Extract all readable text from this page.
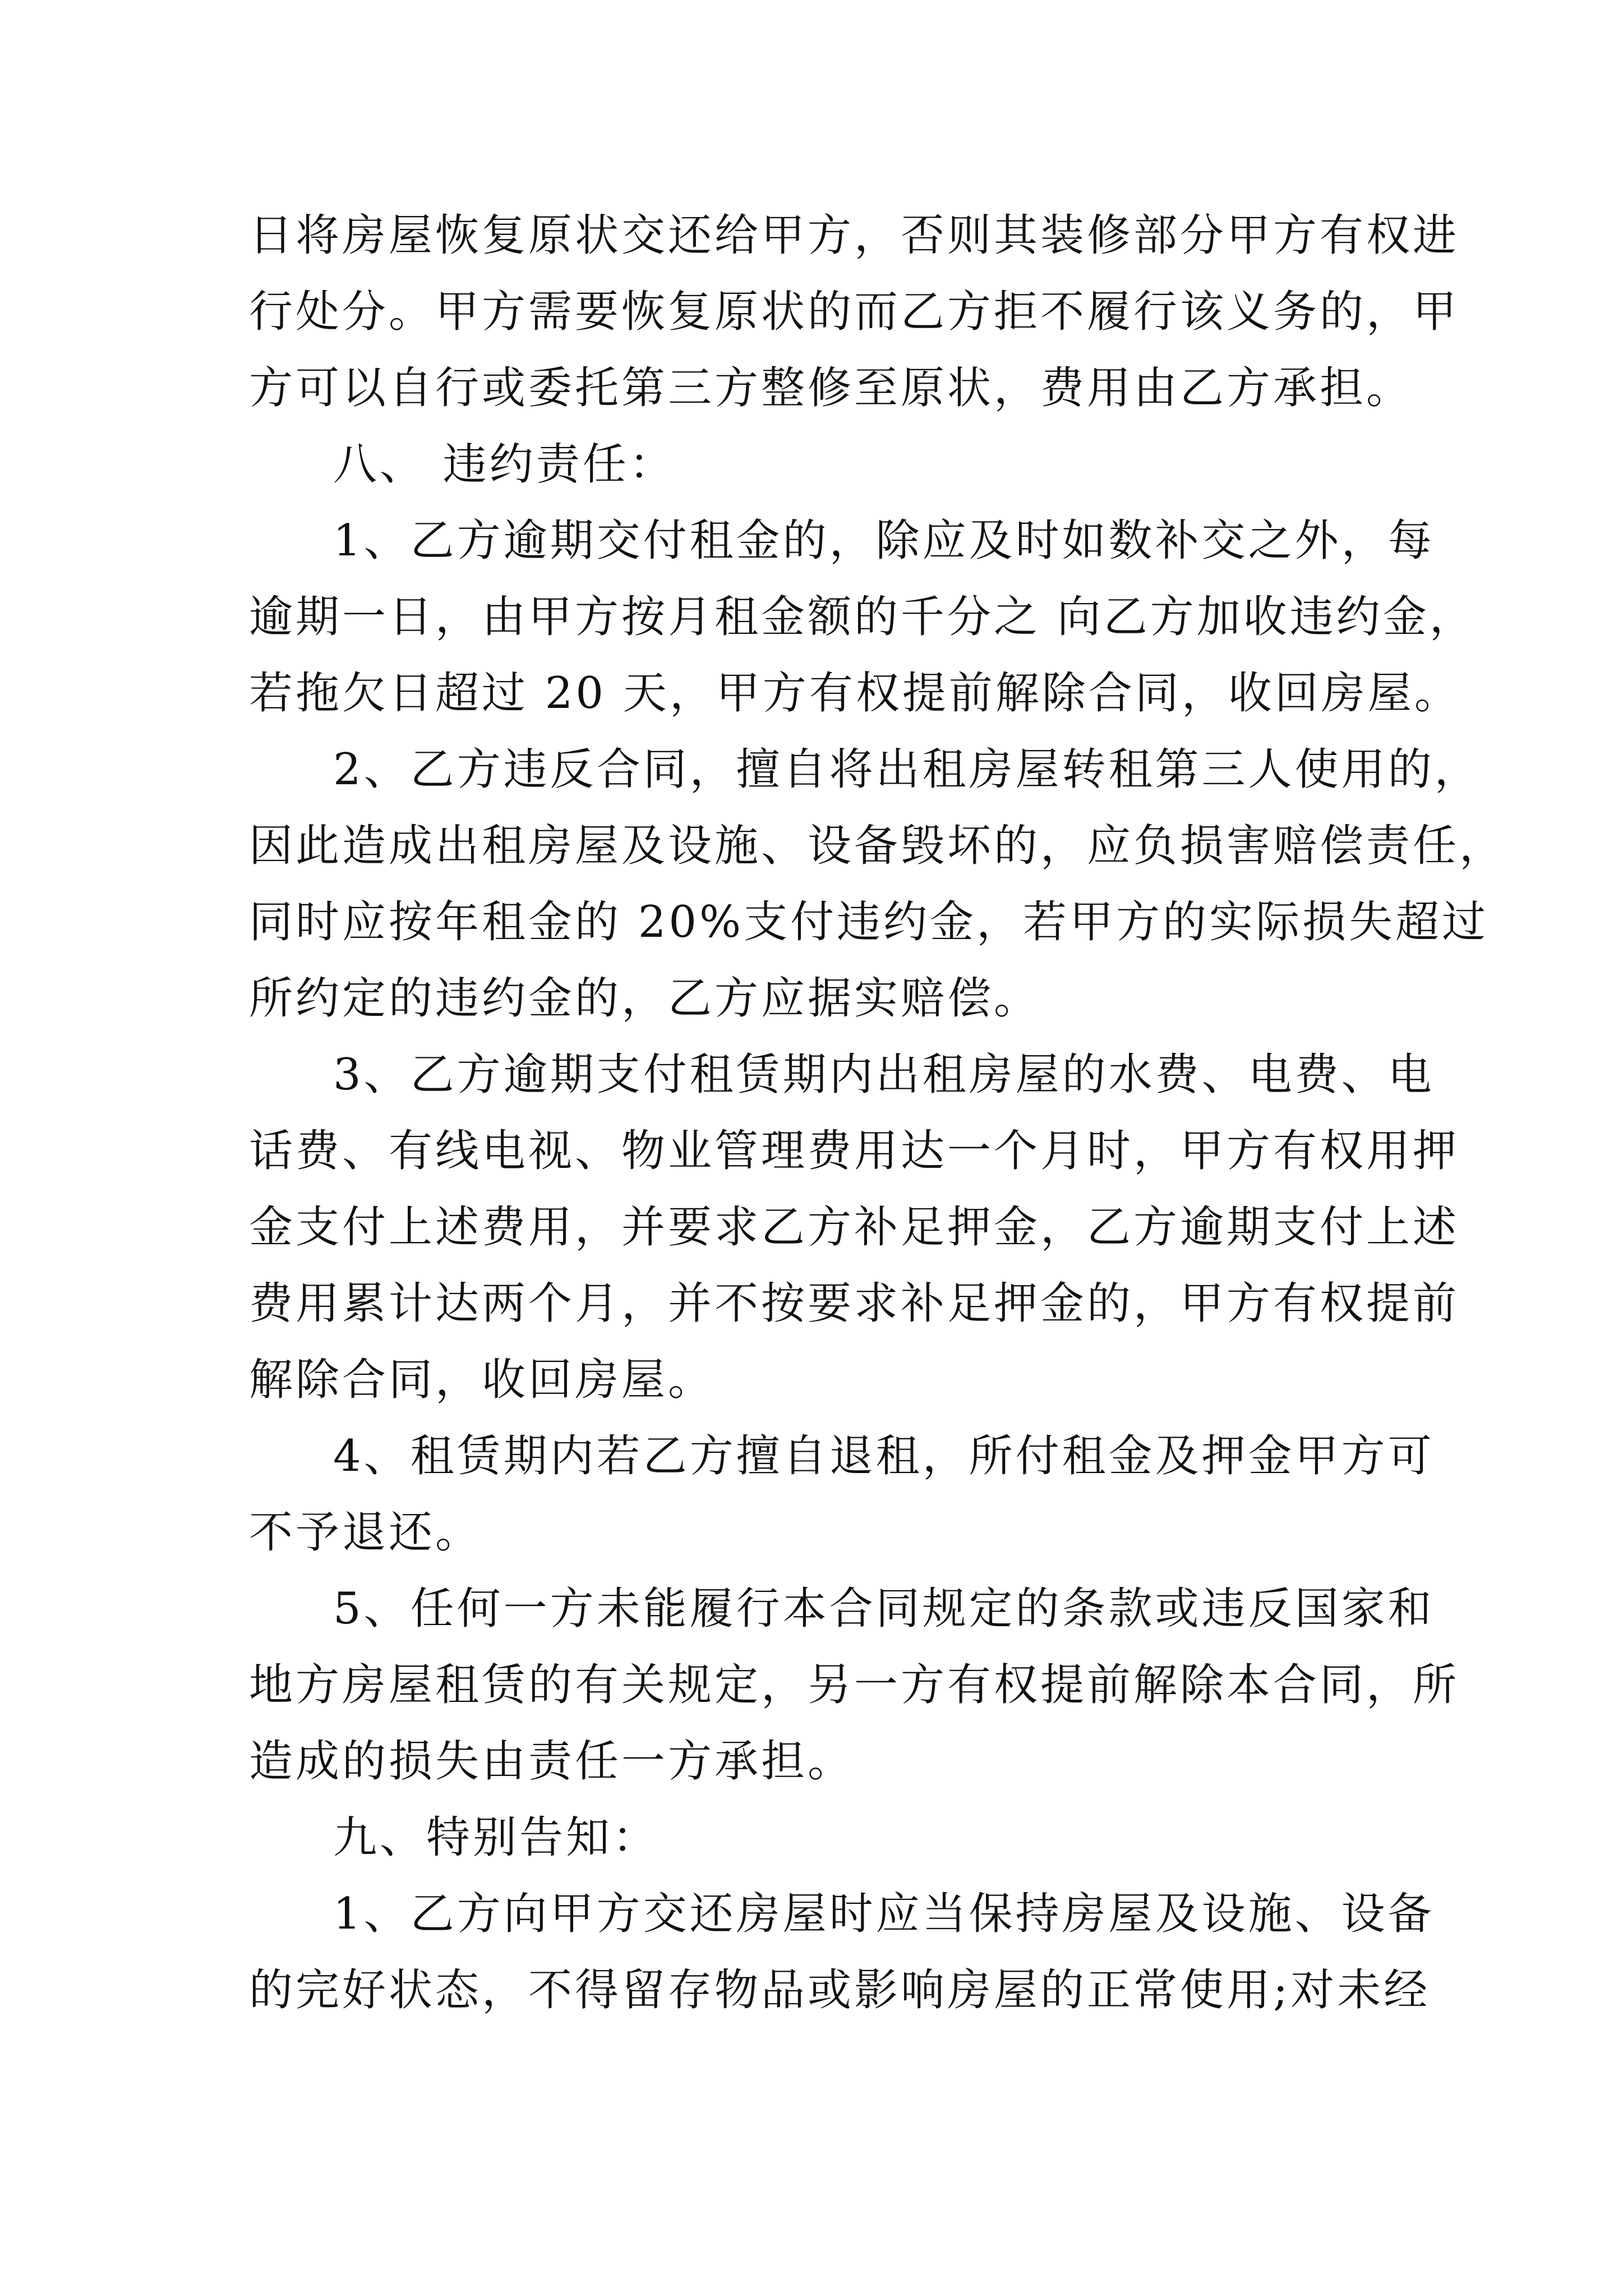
日将房屋恢复原状交还给甲方，否则其装修部分甲方有权进
行处分。甲方需要恢复原状的而乙方拒不履行该义务的，甲
方可以自行或委托第三方整修至原状，费用由乙方承担。
八、 违约责任：
1、乙方逾期交付租金的，除应及时如数补交之外，每
逾期一日，由甲方按月租金额的千分之 向乙方加收违约金，
若拖欠日超过 20 天，甲方有权提前解除合同，收回房屋。
2、乙方违反合同，擅自将出租房屋转租第三人使用的，
因此造成出租房屋及设施、设备毁坏的，应负损害赔偿责任，
同时应按年租金的 20%支付违约金，若甲方的实际损失超过
所约定的违约金的，乙方应据实赔偿。
3、乙方逾期支付租赁期内出租房屋的水费、电费、电
话费、有线电视、物业管理费用达一个月时，甲方有权用押
金支付上述费用，并要求乙方补足押金，乙方逾期支付上述
费用累计达两个月，并不按要求补足押金的，甲方有权提前
解除合同，收回房屋。
4、租赁期内若乙方擅自退租，所付租金及押金甲方可
不予退还。
5、任何一方未能履行本合同规定的条款或违反国家和
地方房屋租赁的有关规定，另一方有权提前解除本合同，所
造成的损失由责任一方承担。
九、特别告知：
1、乙方向甲方交还房屋时应当保持房屋及设施、设备
的完好状态，不得留存物品或影响房屋的正常使用;对未经
